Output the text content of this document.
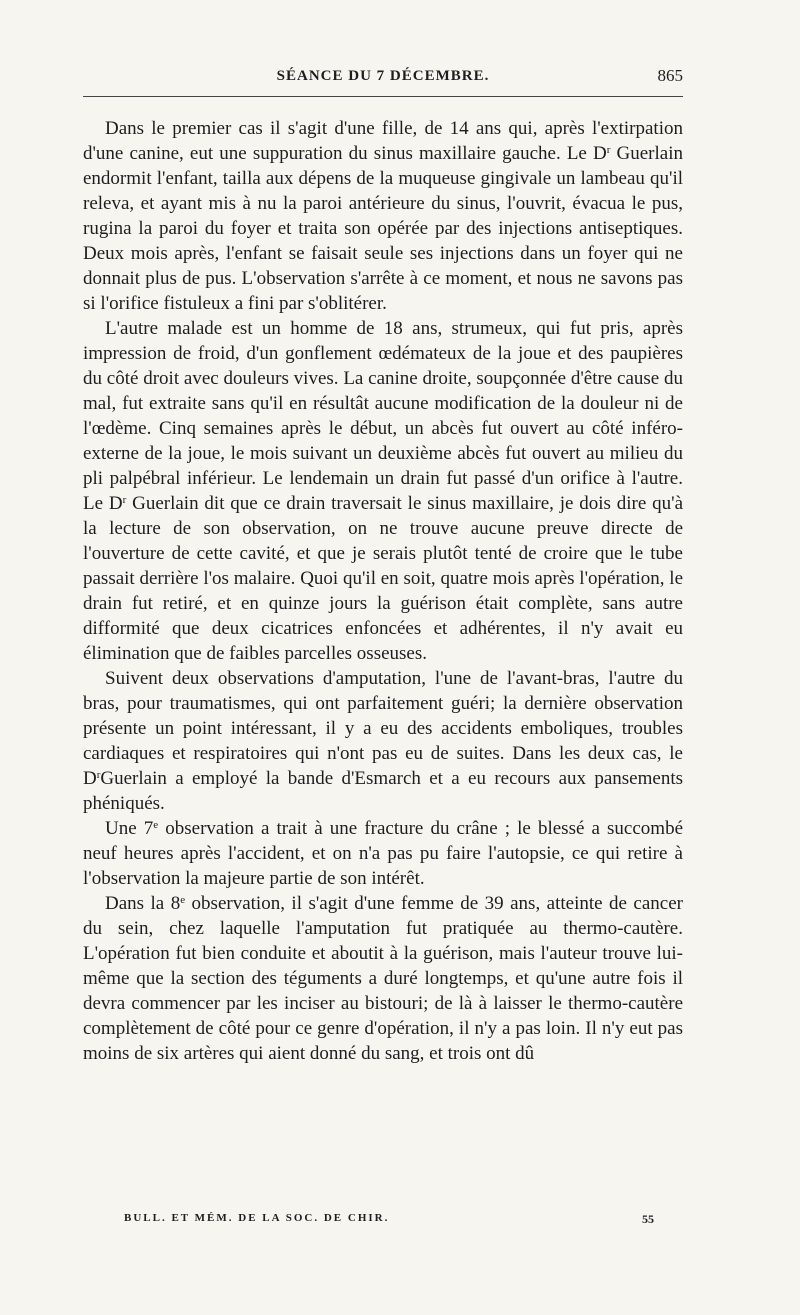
SÉANCE DU 7 DÉCEMBRE.	865

Dans le premier cas il s'agit d'une fille, de 14 ans qui, après l'extirpation d'une canine, eut une suppuration du sinus maxillaire gauche. Le $D^r$ Guerlain endormit l'enfant, tailla aux dépens de la muqueuse gingivale un lambeau qu'il releva, et ayant mis à nu la paroi antérieure du sinus, l'ouvrit, évacua le pus, rugina la paroi du foyer et traita son opérée par des injections antiseptiques. Deux mois après, l'enfant se faisait seule ses injections dans un foyer qui ne donnait plus de pus. L'observation s'arrête à ce moment, et nous ne savons pas si l'orifice fistuleux a fini par s'oblitérer.

L'autre malade est un homme de 18 ans, strumeux, qui fut pris, après impression de froid, d'un gonflement œdémateux de la joue et des paupières du côté droit avec douleurs vives. La canine droite, soupçonnée d'être cause du mal, fut extraite sans qu'il en résultât aucune modification de la douleur ni de l'œdème. Cinq semaines après le début, un abcès fut ouvert au côté inféro-externe de la joue, le mois suivant un deuxième abcès fut ouvert au milieu du pli palpébral inférieur. Le lendemain un drain fut passé d'un orifice à l'autre. Le $D^r$ Guerlain dit que ce drain traversait le sinus maxillaire, je dois dire qu'à la lecture de son observation, on ne trouve aucune preuve directe de l'ouverture de cette cavité, et que je serais plutôt tenté de croire que le tube passait derrière l'os malaire. Quoi qu'il en soit, quatre mois après l'opération, le drain fut retiré, et en quinze jours la guérison était complète, sans autre difformité que deux cicatrices enfoncées et adhérentes, il n'y avait eu élimination que de faibles parcelles osseuses.

Suivent deux observations d'amputation, l'une de l'avant-bras, l'autre du bras, pour traumatismes, qui ont parfaitement guéri; la dernière observation présente un point intéressant, il y a eu des accidents emboliques, troubles cardiaques et respiratoires qui n'ont pas eu de suites. Dans les deux cas, le $D^rGuerlain$ a employé la bande d'Esmarch et a eu recours aux pansements phéniqués.

Une 7e observation a trait à une fracture du crâne ; le blessé a succombé neuf heures après l'accident, et on n'a pas pu faire l'autopsie, ce qui retire à l'observation la majeure partie de son intérêt.

Dans la 8e observation, il s'agit d'une femme de 39 ans, atteinte de cancer du sein, chez laquelle l'amputation fut pratiquée au thermo-cautère. L'opération fut bien conduite et aboutit à la guérison, mais l'auteur trouve lui-même que la section des téguments a duré longtemps, et qu'une autre fois il devra commencer par les inciser au bistouri; de là à laisser le thermo-cautère complètement de côté pour ce genre d'opération, il n'y a pas loin. Il n'y eut pas moins de six artères qui aient donné du sang, et trois ont dû

BULL. ET MÉM. DE LA SOC. DE CHIR.	55
